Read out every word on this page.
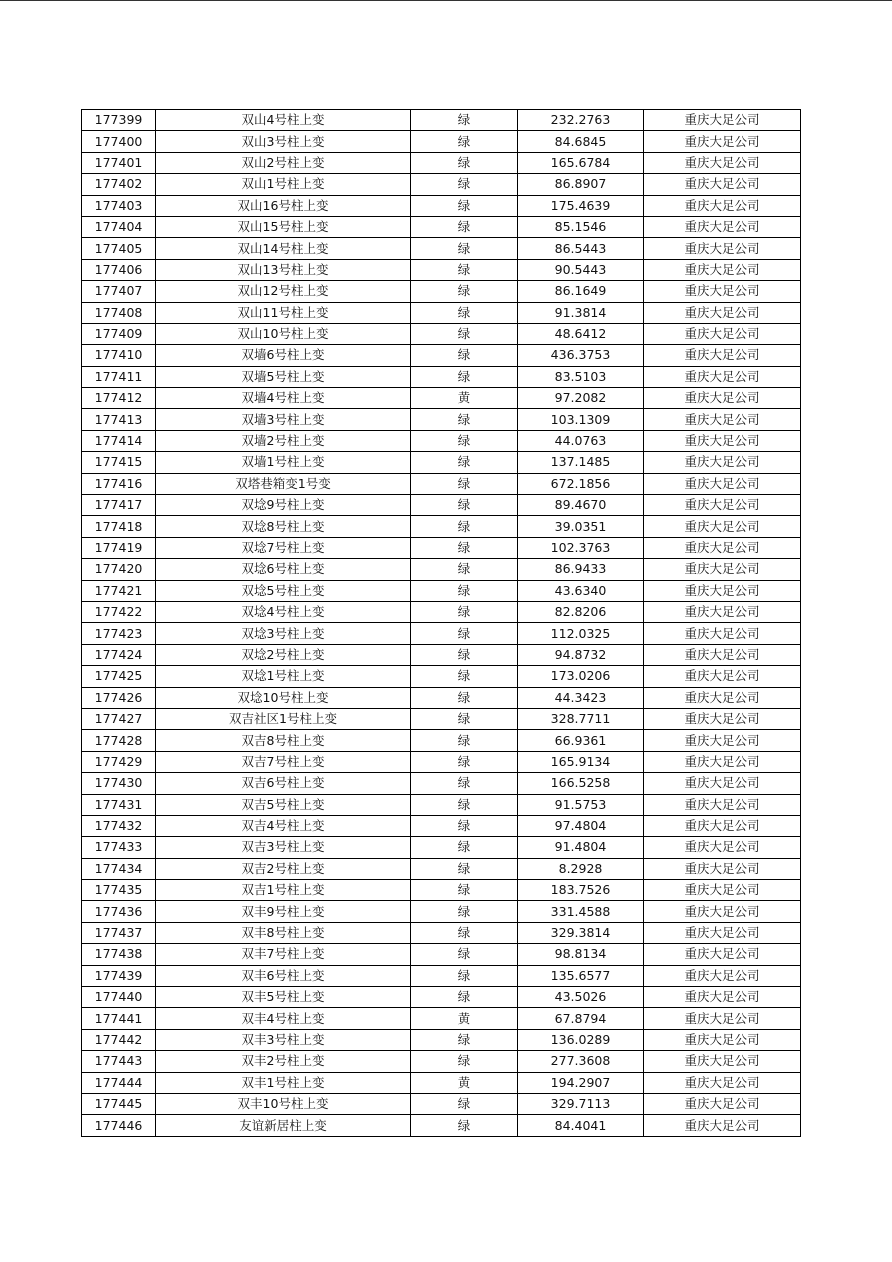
177399	双山4号柱上变	绿	232.2763	重庆大足公司
177400	双山3号柱上变	绿	84.6845	重庆大足公司
177401	双山2号柱上变	绿	165.6784	重庆大足公司
177402	双山1号柱上变	绿	86.8907	重庆大足公司
177403	双山16号柱上变	绿	175.4639	重庆大足公司
177404	双山15号柱上变	绿	85.1546	重庆大足公司
177405	双山14号柱上变	绿	86.5443	重庆大足公司
177406	双山13号柱上变	绿	90.5443	重庆大足公司
177407	双山12号柱上变	绿	86.1649	重庆大足公司
177408	双山11号柱上变	绿	91.3814	重庆大足公司
177409	双山10号柱上变	绿	48.6412	重庆大足公司
177410	双墙6号柱上变	绿	436.3753	重庆大足公司
177411	双墙5号柱上变	绿	83.5103	重庆大足公司
177412	双墙4号柱上变	黄	97.2082	重庆大足公司
177413	双墙3号柱上变	绿	103.1309	重庆大足公司
177414	双墙2号柱上变	绿	44.0763	重庆大足公司
177415	双墙1号柱上变	绿	137.1485	重庆大足公司
177416	双塔巷箱变1号变	绿	672.1856	重庆大足公司
177417	双埝9号柱上变	绿	89.4670	重庆大足公司
177418	双埝8号柱上变	绿	39.0351	重庆大足公司
177419	双埝7号柱上变	绿	102.3763	重庆大足公司
177420	双埝6号柱上变	绿	86.9433	重庆大足公司
177421	双埝5号柱上变	绿	43.6340	重庆大足公司
177422	双埝4号柱上变	绿	82.8206	重庆大足公司
177423	双埝3号柱上变	绿	112.0325	重庆大足公司
177424	双埝2号柱上变	绿	94.8732	重庆大足公司
177425	双埝1号柱上变	绿	173.0206	重庆大足公司
177426	双埝10号柱上变	绿	44.3423	重庆大足公司
177427	双吉社区1号柱上变	绿	328.7711	重庆大足公司
177428	双吉8号柱上变	绿	66.9361	重庆大足公司
177429	双吉7号柱上变	绿	165.9134	重庆大足公司
177430	双吉6号柱上变	绿	166.5258	重庆大足公司
177431	双吉5号柱上变	绿	91.5753	重庆大足公司
177432	双吉4号柱上变	绿	97.4804	重庆大足公司
177433	双吉3号柱上变	绿	91.4804	重庆大足公司
177434	双吉2号柱上变	绿	8.2928	重庆大足公司
177435	双吉1号柱上变	绿	183.7526	重庆大足公司
177436	双丰9号柱上变	绿	331.4588	重庆大足公司
177437	双丰8号柱上变	绿	329.3814	重庆大足公司
177438	双丰7号柱上变	绿	98.8134	重庆大足公司
177439	双丰6号柱上变	绿	135.6577	重庆大足公司
177440	双丰5号柱上变	绿	43.5026	重庆大足公司
177441	双丰4号柱上变	黄	67.8794	重庆大足公司
177442	双丰3号柱上变	绿	136.0289	重庆大足公司
177443	双丰2号柱上变	绿	277.3608	重庆大足公司
177444	双丰1号柱上变	黄	194.2907	重庆大足公司
177445	双丰10号柱上变	绿	329.7113	重庆大足公司
177446	友谊新居柱上变	绿	84.4041	重庆大足公司
